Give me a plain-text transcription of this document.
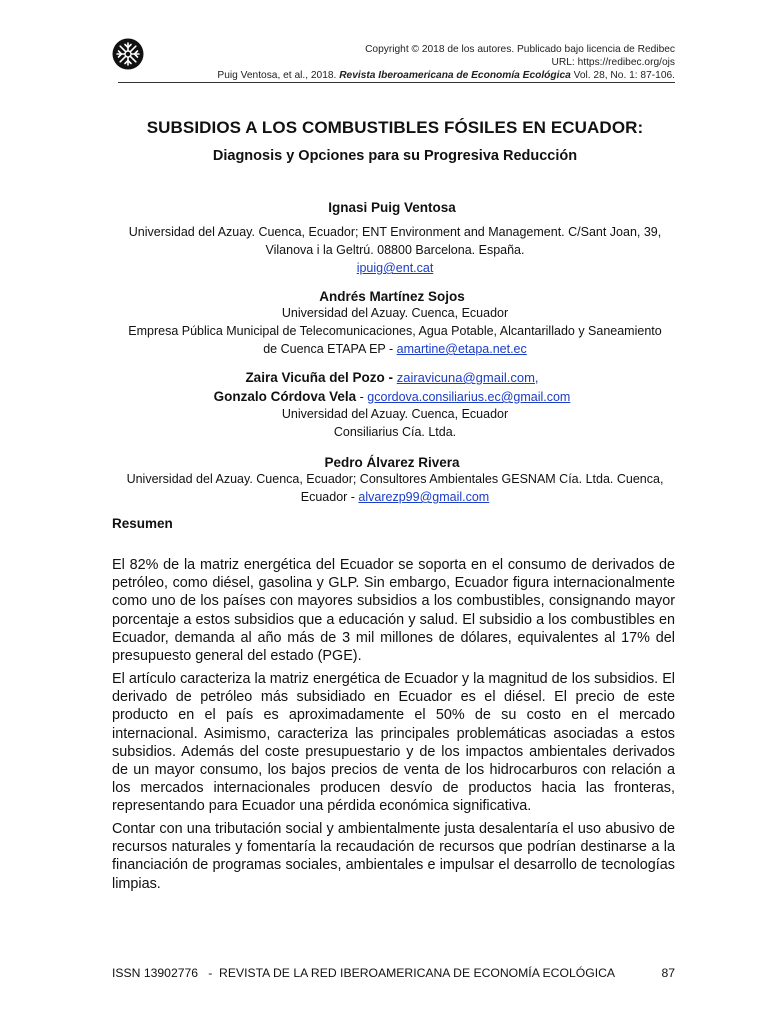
Copyright © 2018 de los autores. Publicado bajo licencia de Redibec
URL: https://redibec.org/ojs
Puig Ventosa, et al., 2018. Revista Iberoamericana de Economía Ecológica Vol. 28, No. 1: 87-106.
SUBSIDIOS A LOS COMBUSTIBLES FÓSILES EN ECUADOR:
Diagnosis y Opciones para su Progresiva Reducción
Ignasi Puig Ventosa
Universidad del Azuay. Cuenca, Ecuador; ENT Environment and Management. C/Sant Joan, 39,
Vilanova i la Geltrú. 08800 Barcelona. España.
ipuig@ent.cat
Andrés Martínez Sojos
Universidad del Azuay. Cuenca, Ecuador
Empresa Pública Municipal de Telecomunicaciones, Agua Potable, Alcantarillado y Saneamiento
de Cuenca ETAPA EP - amartine@etapa.net.ec
Zaira Vicuña del Pozo - zairavicuna@gmail.com,
Gonzalo Córdova Vela - gcordova.consiliarius.ec@gmail.com
Universidad del Azuay. Cuenca, Ecuador
Consiliarius Cía. Ltda.
Pedro Álvarez Rivera
Universidad del Azuay. Cuenca, Ecuador; Consultores Ambientales GESNAM Cía. Ltda. Cuenca,
Ecuador - alvarezp99@gmail.com
Resumen

El 82% de la matriz energética del Ecuador se soporta en el consumo de derivados de petróleo, como diésel, gasolina y GLP. Sin embargo, Ecuador figura internacionalmente como uno de los países con mayores subsidios a los combustibles, consignando mayor porcentaje a estos subsidios que a educación y salud. El subsidio a los combustibles en Ecuador, demanda al año más de 3 mil millones de dólares, equivalentes al 17% del presupuesto general del estado (PGE).

El artículo caracteriza la matriz energética de Ecuador y la magnitud de los subsidios. El derivado de petróleo más subsidiado en Ecuador es el diésel. El precio de este producto en el país es aproximadamente el 50% de su costo en el mercado internacional. Asimismo, caracteriza las principales problemáticas asociadas a estos subsidios. Además del coste presupuestario y de los impactos ambientales derivados de un mayor consumo, los bajos precios de venta de los hidrocarburos con relación a los mercados internacionales producen desvío de productos hacia las fronteras, representando para Ecuador una pérdida económica significativa.

Contar con una tributación social y ambientalmente justa desalentaría el uso abusivo de recursos naturales y fomentaría la recaudación de recursos que podrían destinarse a la financiación de programas sociales, ambientales e impulsar el desarrollo de tecnologías limpias.

ISSN 13902776   -  REVISTA DE LA RED IBEROAMERICANA DE ECONOMÍA ECOLÓGICA	87
